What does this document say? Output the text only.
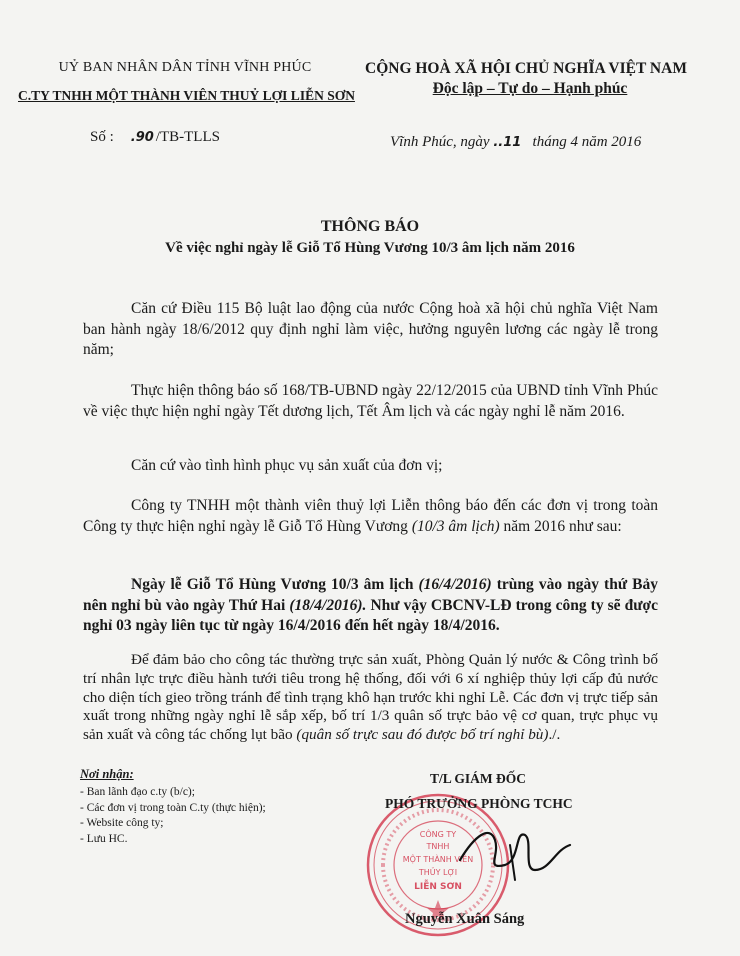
UỶ BAN NHÂN DÂN TỈNH VĨNH PHÚC
C.TY TNHH MỘT THÀNH VIÊN THUỶ LỢI LIỄN SƠN
CỘNG HOÀ XÃ HỘI CHỦ NGHĨA VIỆT NAM
Độc lập – Tự do – Hạnh phúc
Số : .90 /TB-TLLS	Vĩnh Phúc, ngày ..11 tháng 4 năm 2016
THÔNG BÁO
Về việc nghỉ ngày lễ Giỗ Tổ Hùng Vương 10/3 âm lịch năm 2016
Căn cứ Điều 115 Bộ luật lao động của nước Cộng hoà xã hội chủ nghĩa Việt Nam ban hành ngày 18/6/2012 quy định nghỉ làm việc, hưởng nguyên lương các ngày lễ trong năm;
Thực hiện thông báo số 168/TB-UBND ngày 22/12/2015 của UBND tỉnh Vĩnh Phúc về việc thực hiện nghỉ ngày Tết dương lịch, Tết Âm lịch và các ngày nghỉ lễ năm 2016.
Căn cứ vào tình hình phục vụ sản xuất của đơn vị;
Công ty TNHH một thành viên thuỷ lợi Liễn thông báo đến các đơn vị trong toàn Công ty thực hiện nghỉ ngày lễ Giỗ Tổ Hùng Vương (10/3 âm lịch) năm 2016 như sau:
Ngày lễ Giỗ Tổ Hùng Vương 10/3 âm lịch (16/4/2016) trùng vào ngày thứ Bảy nên nghỉ bù vào ngày Thứ Hai (18/4/2016). Như vậy CBCNV-LĐ trong công ty sẽ được nghỉ 03 ngày liên tục từ ngày 16/4/2016 đến hết ngày 18/4/2016.
Để đảm bảo cho công tác thường trực sản xuất, Phòng Quản lý nước & Công trình bố trí nhân lực trực điều hành tưới tiêu trong hệ thống, đối với 6 xí nghiệp thủy lợi cấp đủ nước cho diện tích gieo trồng tránh để tình trạng khô hạn trước khi nghỉ Lễ. Các đơn vị trực tiếp sản xuất trong những ngày nghỉ lễ sắp xếp, bố trí 1/3 quân số trực bảo vệ cơ quan, trực phục vụ sản xuất và công tác chống lụt bão (quân số trực sau đó được bố trí nghỉ bù)./.
Nơi nhận:
- Ban lãnh đạo c.ty (b/c);
- Các đơn vị trong toàn C.ty (thực hiện);
- Website công ty;
- Lưu HC.	CÔNG TY
TNHH
MỘT THÀNH VIÊN
THỦY LỢI
LIỄN SƠN
T/L GIÁM ĐỐC
PHÓ TRƯỞNG PHÒNG TCHC
Nguyễn Xuân Sáng
